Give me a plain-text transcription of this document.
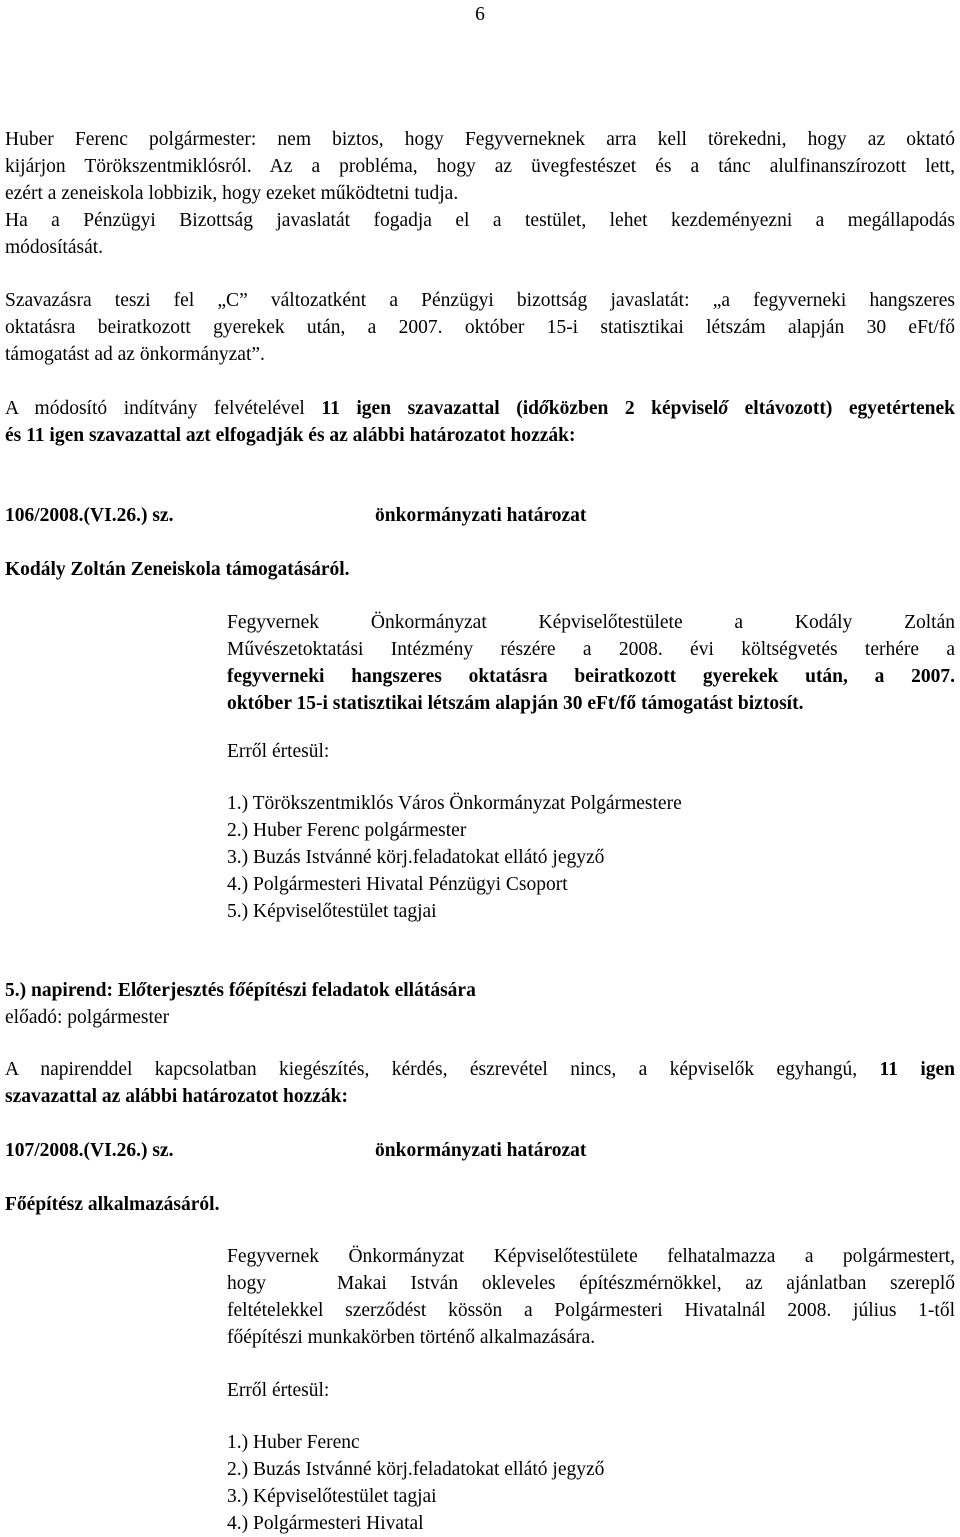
6
Huber Ferenc polgármester: nem biztos, hogy Fegyverneknek arra kell törekedni, hogy az oktató
kijárjon Törökszentmiklósról. Az a probléma, hogy az üvegfestészet és a tánc alulfinanszírozott lett,
ezért a zeneiskola lobbizik, hogy ezeket működtetni tudja.
Ha a Pénzügyi Bizottság javaslatát fogadja el a testület, lehet kezdeményezni a megállapodás
módosítását.
Szavazásra teszi fel „C” változatként a Pénzügyi bizottság javaslatát: „a fegyverneki hangszeres
oktatásra beiratkozott gyerekek után, a 2007. október 15-i statisztikai létszám alapján 30 eFt/fő
támogatást ad az önkormányzat”.
A módosító indítvány felvételével 11 igen szavazattal (időközben 2 képviselő eltávozott) egyetértenek
és 11 igen szavazattal azt elfogadják és az alábbi határozatot hozzák:
106/2008.(VI.26.) sz.	önkormányzati határozat
Kodály Zoltán Zeneiskola támogatásáról.
Fegyvernek Önkormányzat Képviselőtestülete a Kodály Zoltán
Művészetoktatási Intézmény részére a 2008. évi költségvetés terhére a
fegyverneki hangszeres oktatásra beiratkozott gyerekek után, a 2007.
október 15-i statisztikai létszám alapján 30 eFt/fő támogatást biztosít.
Erről értesül:
1.) Törökszentmiklós Város Önkormányzat Polgármestere
2.) Huber Ferenc polgármester
3.) Buzás Istvánné körj.feladatokat ellátó jegyző
4.) Polgármesteri Hivatal Pénzügyi Csoport
5.) Képviselőtestület tagjai
5.) napirend: Előterjesztés főépítészi feladatok ellátására
előadó: polgármester
A napirenddel kapcsolatban kiegészítés, kérdés, észrevétel nincs, a képviselők egyhangú, 11 igen
szavazattal az alábbi határozatot hozzák:
107/2008.(VI.26.) sz.	önkormányzati határozat
Főépítész alkalmazásáról.
Fegyvernek Önkormányzat Képviselőtestülete felhatalmazza a polgármestert,
hogy   Makai István okleveles építészmérnökkel, az ajánlatban szereplő
feltételekkel szerződést kössön a Polgármesteri Hivatalnál 2008. július 1-től
főépítészi munkakörben történő alkalmazására.
Erről értesül:
1.) Huber Ferenc
2.) Buzás Istvánné körj.feladatokat ellátó jegyző
3.) Képviselőtestület tagjai
4.) Polgármesteri Hivatal
